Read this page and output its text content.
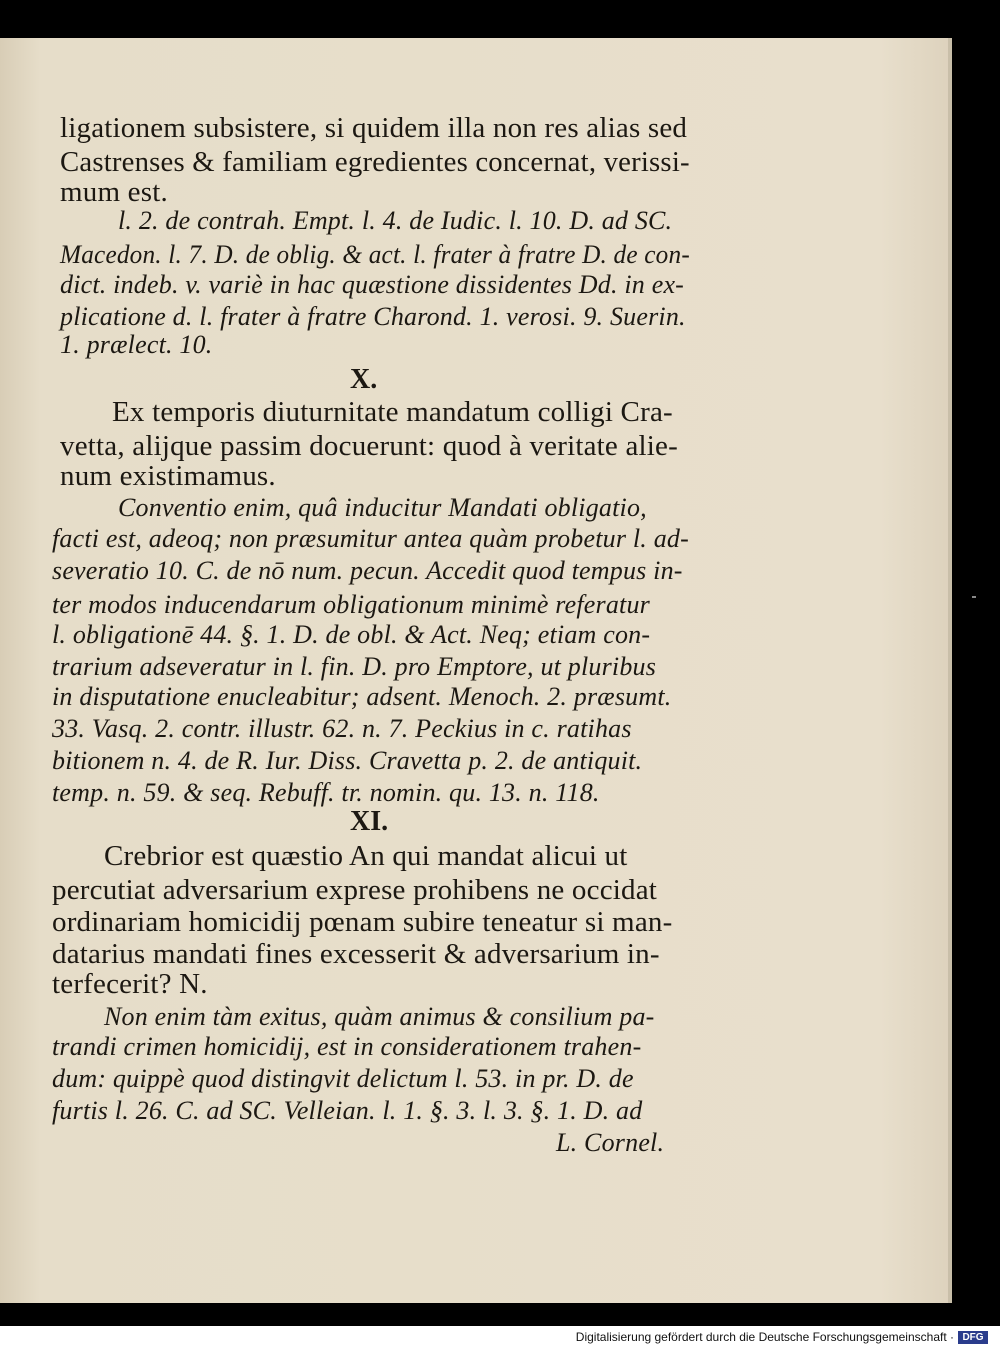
ligationem subsistere, si quidem illa non res alias sed
Castrenses & familiam egredientes concernat, verissi-
mum est.
l. 2. de contrah. Empt. l. 4. de Iudic. l. 10. D. ad SC.
Macedon. l. 7. D. de oblig. & act. l. frater à fratre D. de con-
dict. indeb. v. variè in hac quæstione dissidentes Dd. in ex-
plicatione d. l. frater à fratre Charond. 1. verosi. 9. Suerin.
1. prælect. 10.
X.
Ex temporis diuturnitate mandatum colligi Cra-
vetta, alijque passim docuerunt: quod à veritate alie-
num existimamus.
Conventio enim, quâ inducitur Mandati obligatio,
facti est, adeoq; non præsumitur antea quàm probetur l. ad-
severatio 10. C. de nō num. pecun. Accedit quod tempus in-
ter modos inducendarum obligationum minimè referatur
l. obligationē 44. §. 1. D. de obl. & Act. Neq; etiam con-
trarium adseveratur in l. fin. D. pro Emptore, ut pluribus
in disputatione enucleabitur; adsent. Menoch. 2. præsumt.
33. Vasq. 2. contr. illustr. 62. n. 7. Peckius in c. ratihas
bitionem n. 4. de R. Iur. Diss. Cravetta p. 2. de antiquit.
temp. n. 59. & seq. Rebuff. tr. nomin. qu. 13. n. 118.
XI.
Crebrior est quæstio An qui mandat alicui ut
percutiat adversarium exprese prohibens ne occidat
ordinariam homicidij pœnam subire teneatur si man-
datarius mandati fines excesserit & adversarium in-
terfecerit? N.
Non enim tàm exitus, quàm animus & consilium pa-
trandi crimen homicidij, est in considerationem trahen-
dum: quippè quod distingvit delictum l. 53. in pr. D. de
furtis l. 26. C. ad SC. Velleian. l. 1. §. 3. l. 3. §. 1. D. ad
L. Cornel.
Digitalisierung gefördert durch die Deutsche Forschungsgemeinschaft · DFG
